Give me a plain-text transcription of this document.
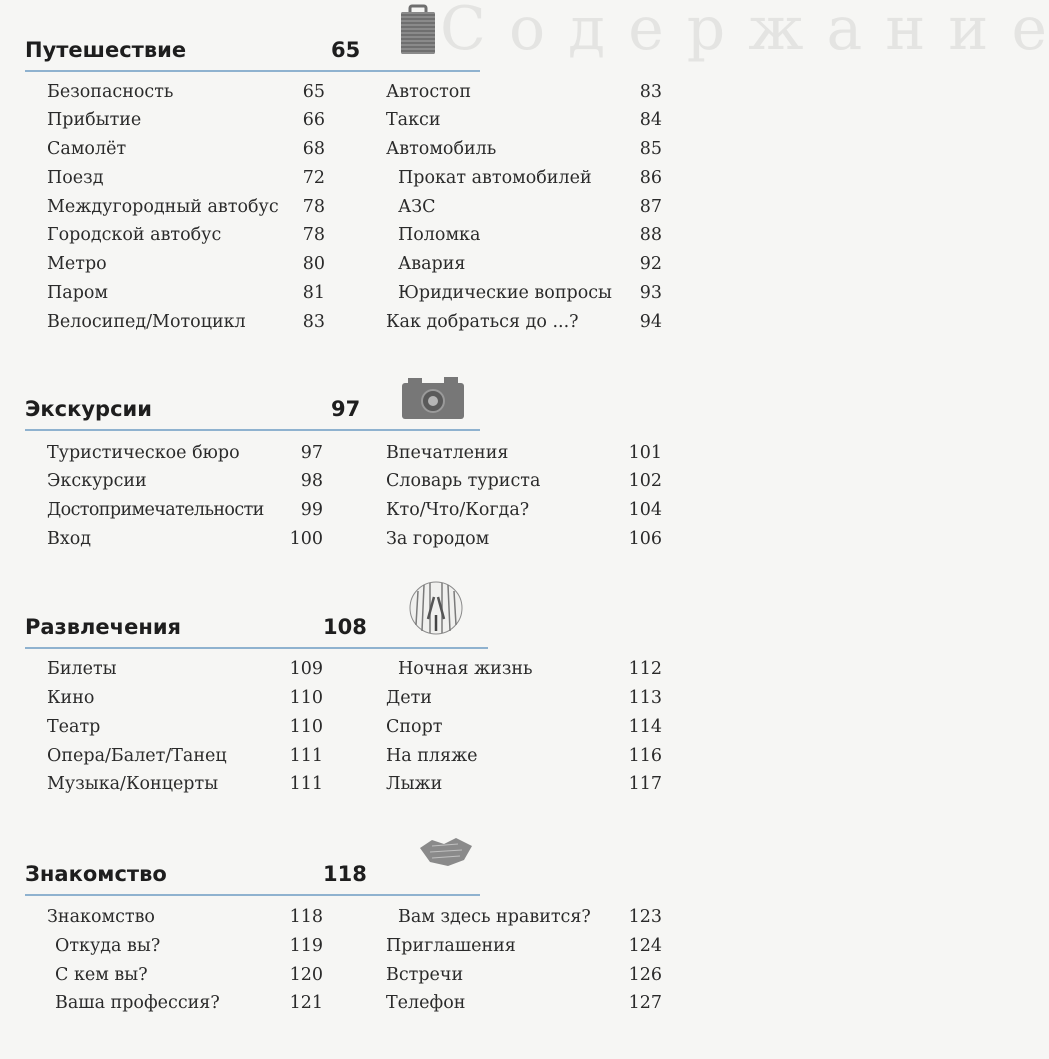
С о д е р ж а н и е
Путешествие	65
Экскурсии	97
Развлечения	108
Знакомство	118
Безопасность	65
Прибытие	66
Самолёт	68
Поезд	72
Междугородный автобус 78
Городской автобус	78
Метро	80
Паром	81
Велосипед/Мотоцикл	83
Автостоп	83
Такси	84
Автомобиль	85
Прокат автомобилей	86
АЗС	87
Поломка	88
Авария	92
Юридические вопросы 93
Как добраться до ...?	94
Туристическое бюро	97
Экскурсии	98
Достопримечательности 99
Вход	100
Впечатления	101
Словарь туриста	102
Кто/Что/Когда?	104
За городом	106
Билеты	109
Кино	110
Театр	110
Опера/Балет/Танец	111
Музыка/Концерты	111
Ночная жизнь	112
Дети	113
Спорт	114
На пляже	116
Лыжи	117
Знакомство	118
Откуда вы?	119
С кем вы?	120
Ваша профессия?	121
Вам здесь нравится? 123
Приглашения	124
Встречи	126
Телефон	127
